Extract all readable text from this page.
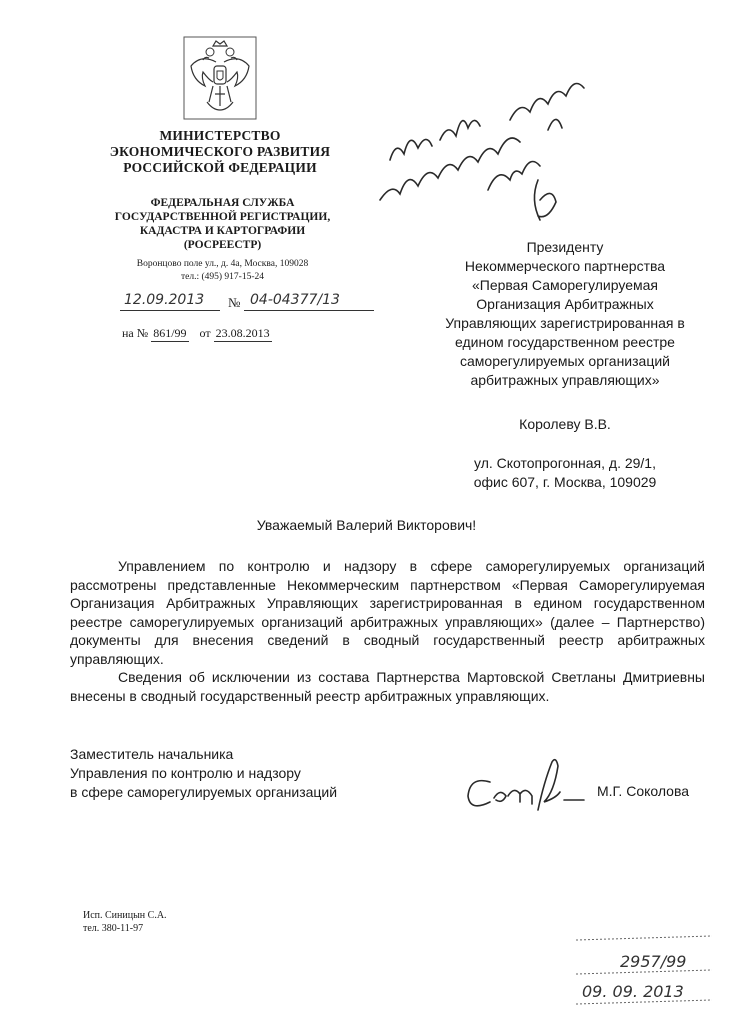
МИНИСТЕРСТВО
ЭКОНОМИЧЕСКОГО РАЗВИТИЯ
РОССИЙСКОЙ ФЕДЕРАЦИИ
ФЕДЕРАЛЬНАЯ СЛУЖБА
ГОСУДАРСТВЕННОЙ РЕГИСТРАЦИИ,
КАДАСТРА И КАРТОГРАФИИ
(РОСРЕЕСТР)
Воронцово поле ул., д. 4а, Москва, 109028
тел.: (495) 917-15-24
12.09.2013 № 04-04377/13
на № 861/99 от 23.08.2013

Президенту

Некоммерческого партнерства

«Первая Саморегулируемая

Организация Арбитражных

Управляющих зарегистрированная в

едином государственном реестре

саморегулируемых организаций

арбитражных управляющих»

Королеву В.В.

ул. Скотопрогонная, д. 29/1,

офис 607, г. Москва, 109029

Уважаемый Валерий Викторович!

Управлением по контролю и надзору в сфере саморегулируемых организаций рассмотрены представленные Некоммерческим партнерством «Первая Саморегулируемая Организация Арбитражных Управляющих зарегистрированная в едином государственном реестре саморегулируемых организаций арбитражных управляющих» (далее – Партнерство) документы для внесения сведений в сводный государственный реестр арбитражных управляющих.

Сведения об исключении из состава Партнерства Мартовской Светланы Дмитриевны внесены в сводный государственный реестр арбитражных управляющих.

Заместитель начальника
Управления по контролю и надзору
в сфере саморегулируемых организаций	М.Г. Соколова
Исп. Синицын С.А.
тел. 380-11-97
2957/99
09. 09. 2013
